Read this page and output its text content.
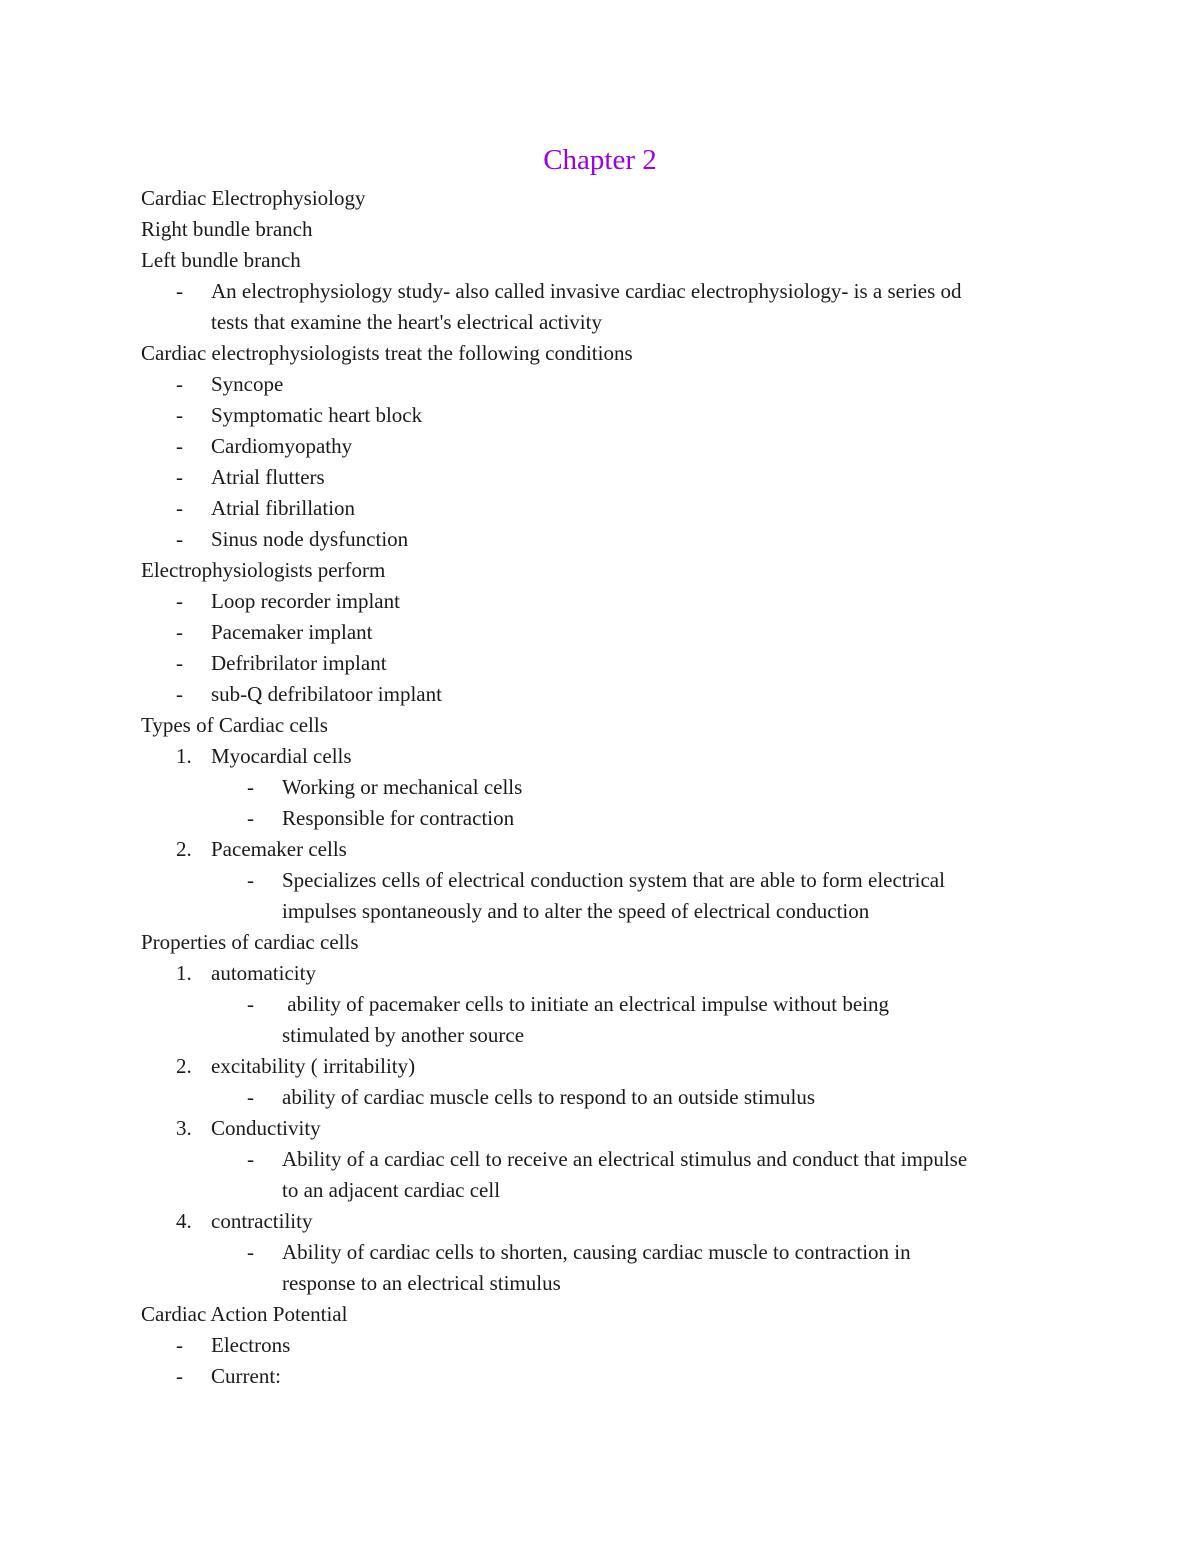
Chapter 2
Cardiac Electrophysiology
Right bundle branch
Left bundle branch
- An electrophysiology study- also called invasive cardiac electrophysiology- is a series od
tests that examine the heart's electrical activity
Cardiac electrophysiologists treat the following conditions
- Syncope
- Symptomatic heart block
- Cardiomyopathy
- Atrial flutters
- Atrial fibrillation
- Sinus node dysfunction
Electrophysiologists perform
- Loop recorder implant
- Pacemaker implant
- Defribrilator implant
- sub-Q defribilatoor implant
Types of Cardiac cells
1. Myocardial cells
- Working or mechanical cells
- Responsible for contraction
2. Pacemaker cells
- Specializes cells of electrical conduction system that are able to form electrical
impulses spontaneously and to alter the speed of electrical conduction
Properties of cardiac cells
1. automaticity
- ability of pacemaker cells to initiate an electrical impulse without being
stimulated by another source
2. excitability ( irritability)
- ability of cardiac muscle cells to respond to an outside stimulus
3. Conductivity
- Ability of a cardiac cell to receive an electrical stimulus and conduct that impulse
to an adjacent cardiac cell
4. contractility
- Ability of cardiac cells to shorten, causing cardiac muscle to contraction in
response to an electrical stimulus
Cardiac Action Potential
- Electrons
- Current:
